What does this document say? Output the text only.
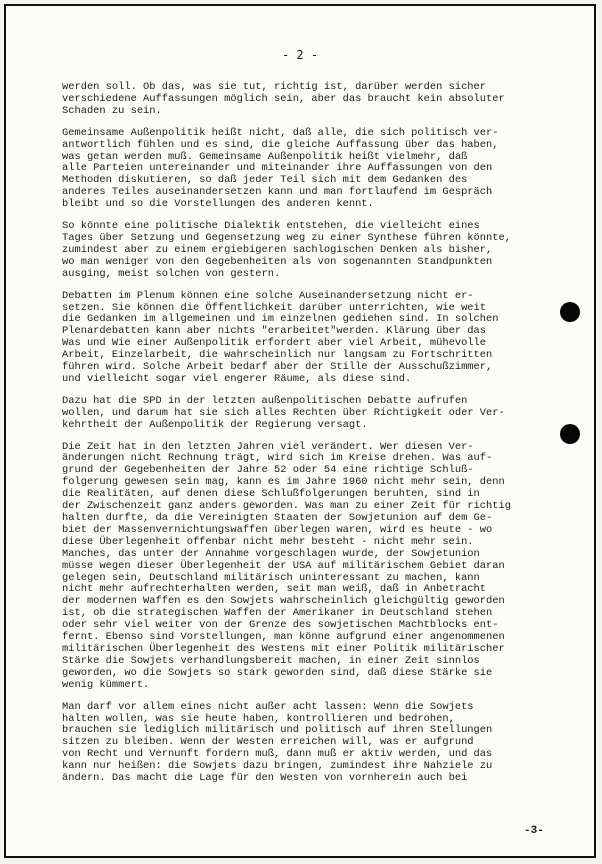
- 2 -
werden soll. Ob das, was sie tut, richtig ist, darüber werden sicher
verschiedene Auffassungen möglich sein, aber das braucht kein absoluter
Schaden zu sein.
Gemeinsame Außenpolitik heißt nicht, daß alle, die sich politisch ver-
antwortlich fühlen und es sind, die gleiche Auffassung über das haben,
was getan werden muß. Gemeinsame Außenpolitik heißt vielmehr, daß
alle Parteien untereinander und miteinander ihre Auffassungen von den
Methoden diskutieren, so daß jeder Teil sich mit dem Gedanken des
anderes Teiles auseinandersetzen kann und man fortlaufend im Gespräch
bleibt und so die Vorstellungen des anderen kennt.
So könnte eine politische Dialektik entstehen, die vielleicht eines
Tages über Setzung und Gegensetzung weg zu einer Synthese führen könnte,
zumindest aber zu einem ergiebigeren sachlogischen Denken als bisher,
wo man weniger von den Gegebenheiten als von sogenannten Standpunkten
ausging, meist solchen von gestern.
Debatten im Plenum können eine solche Auseinandersetzung nicht er-
setzen. Sie können die Öffentlichkeit darüber unterrichten, wie weit
die Gedanken im allgemeinen und im einzelnen gediehen sind. In solchen
Plenardebatten kann aber nichts "erarbeitet"werden. Klärung über das
Was und Wie einer Außenpolitik erfordert aber viel Arbeit, mühevolle
Arbeit, Einzelarbeit, die wahrscheinlich nur langsam zu Fortschritten
führen wird. Solche Arbeit bedarf aber der Stille der Ausschußzimmer,
und vielleicht sogar viel engerer Räume, als diese sind.
Dazu hat die SPD in der letzten außenpolitischen Debatte aufrufen
wollen, und darum hat sie sich alles Rechten über Richtigkeit oder Ver-
kehrtheit der Außenpolitik der Regierung versagt.
Die Zeit hat in den letzten Jahren viel verändert. Wer diesen Ver-
änderungen nicht Rechnung trägt, wird sich im Kreise drehen. Was auf-
grund der Gegebenheiten der Jahre 52 oder 54 eine richtige Schluß-
folgerung gewesen sein mag, kann es im Jahre 1960 nicht mehr sein, denn
die Realitäten, auf denen diese Schlußfolgerungen beruhten, sind in
der Zwischenzeit ganz anders geworden. Was man zu einer Zeit für richtig
halten durfte, da die Vereinigten Staaten der Sowjetunion auf dem Ge-
biet der Massenvernichtungswaffen überlegen waren, wird es heute - wo
diese Überlegenheit offenbar nicht mehr besteht - nicht mehr sein.
Manches, das unter der Annahme vorgeschlagen wurde, der Sowjetunion
müsse wegen dieser Überlegenheit der USA auf militärischem Gebiet daran
gelegen sein, Deutschland militärisch uninteressant zu machen, kann
nicht mehr aufrechterhalten werden, seit man weiß, daß in Anbetracht
der modernen Waffen es den Sowjets wahrscheinlich gleichgültig geworden
ist, ob die strategischen Waffen der Amerikaner in Deutschland stehen
oder sehr viel weiter von der Grenze des sowjetischen Machtblocks ent-
fernt. Ebenso sind Vorstellungen, man könne aufgrund einer angenommenen
militärischen Überlegenheit des Westens mit einer Politik militärischer
Stärke die Sowjets verhandlungsbereit machen, in einer Zeit sinnlos
geworden, wo die Sowjets so stark geworden sind, daß diese Stärke sie
wenig kümmert.
Man darf vor allem eines nicht außer acht lassen: Wenn die Sowjets
halten wollen, was sie heute haben, kontrollieren und bedrohen,
brauchen sie lediglich militärisch und politisch auf ihren Stellungen
sitzen zu bleiben. Wenn der Westen erreichen will, was er aufgrund
von Recht und Vernunft fordern muß, dann muß er aktiv werden, und das
kann nur heißen: die Sowjets dazu bringen, zumindest ihre Nahziele zu
ändern. Das macht die Lage für den Westen von vornherein auch bei
-3-
